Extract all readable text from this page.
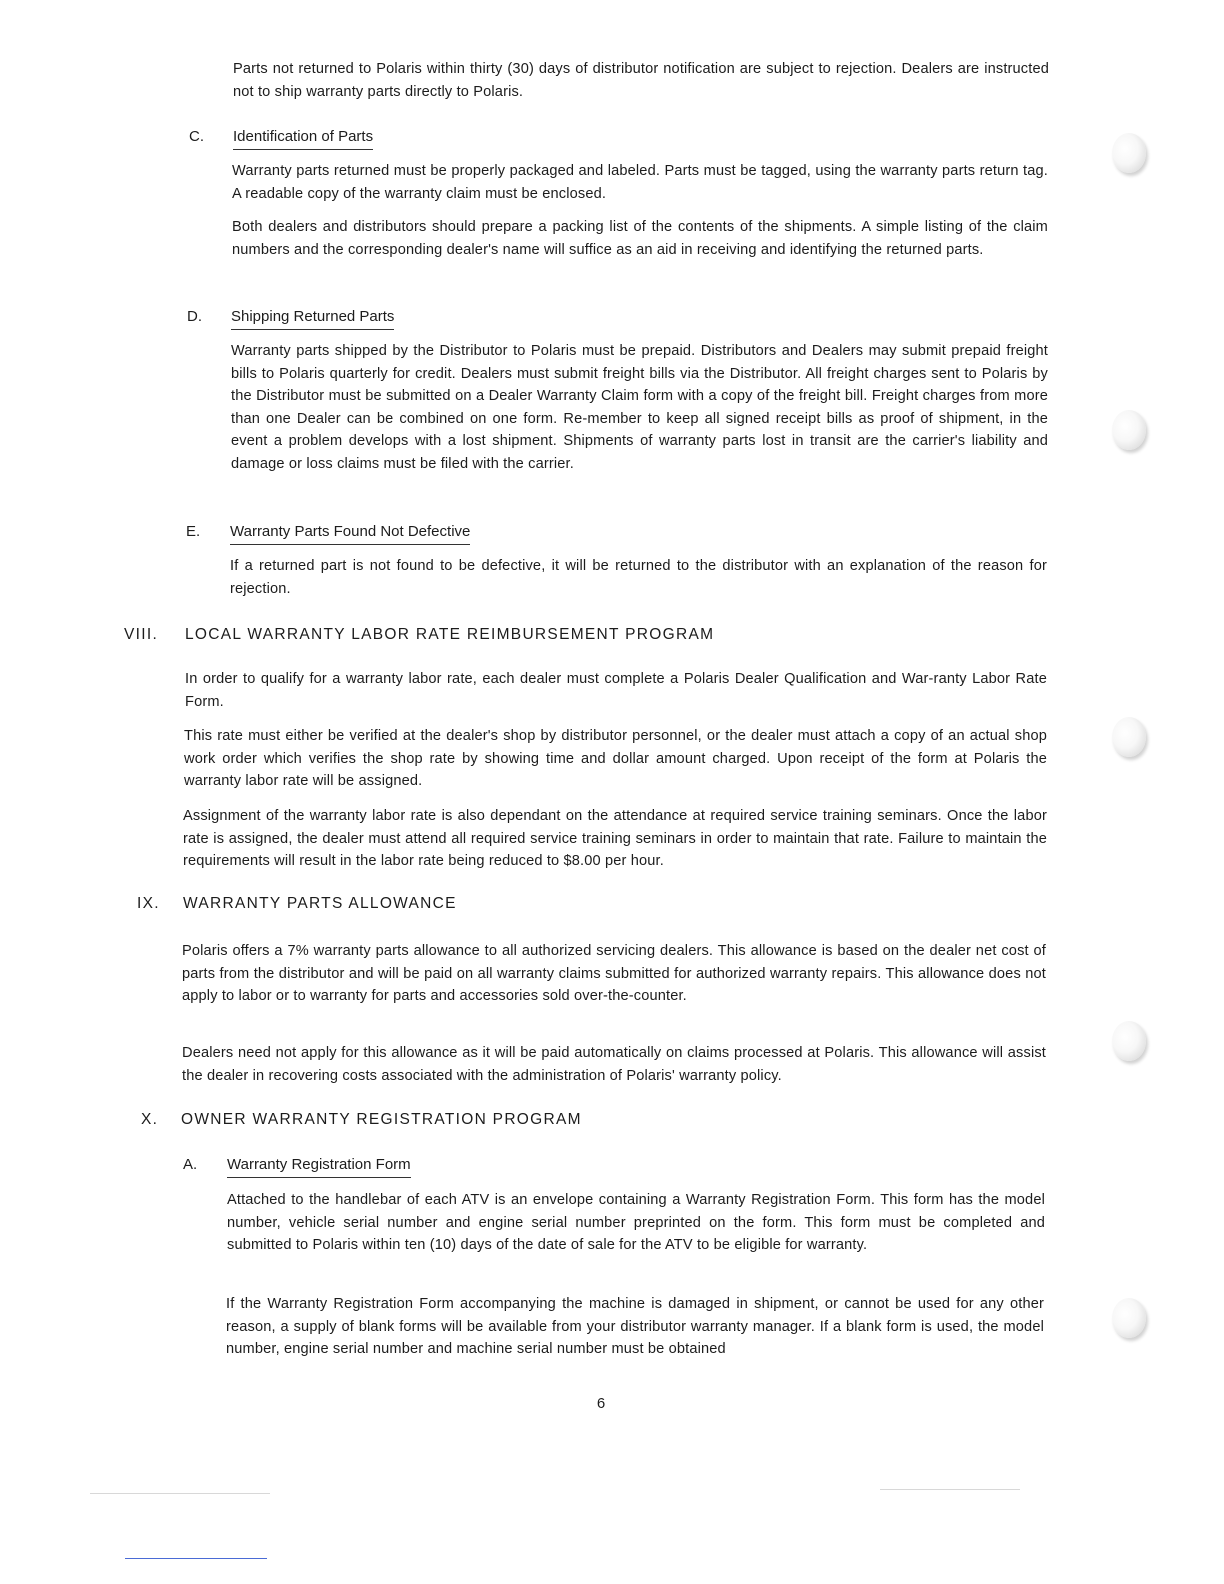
Parts not returned to Polaris within thirty (30) days of distributor notification are subject to rejection. Dealers are instructed not to ship warranty parts directly to Polaris.

C. Identification of Parts

Warranty parts returned must be properly packaged and labeled. Parts must be tagged, using the warranty parts return tag. A readable copy of the warranty claim must be enclosed.

Both dealers and distributors should prepare a packing list of the contents of the shipments. A simple listing of the claim numbers and the corresponding dealer's name will suffice as an aid in receiving and identifying the returned parts.

D. Shipping Returned Parts

Warranty parts shipped by the Distributor to Polaris must be prepaid. Distributors and Dealers may submit prepaid freight bills to Polaris quarterly for credit. Dealers must submit freight bills via the Distributor. All freight charges sent to Polaris by the Distributor must be submitted on a Dealer Warranty Claim form with a copy of the freight bill. Freight charges from more than one Dealer can be combined on one form. Re-member to keep all signed receipt bills as proof of shipment, in the event a problem develops with a lost shipment. Shipments of warranty parts lost in transit are the carrier's liability and damage or loss claims must be filed with the carrier.

E. Warranty Parts Found Not Defective

If a returned part is not found to be defective, it will be returned to the distributor with an explanation of the reason for rejection.

VIII. LOCAL WARRANTY LABOR RATE REIMBURSEMENT PROGRAM

In order to qualify for a warranty labor rate, each dealer must complete a Polaris Dealer Qualification and War-ranty Labor Rate Form.

This rate must either be verified at the dealer's shop by distributor personnel, or the dealer must attach a copy of an actual shop work order which verifies the shop rate by showing time and dollar amount charged. Upon receipt of the form at Polaris the warranty labor rate will be assigned.

Assignment of the warranty labor rate is also dependant on the attendance at required service training seminars. Once the labor rate is assigned, the dealer must attend all required service training seminars in order to maintain that rate. Failure to maintain the requirements will result in the labor rate being reduced to $8.00 per hour.

IX. WARRANTY PARTS ALLOWANCE

Polaris offers a 7% warranty parts allowance to all authorized servicing dealers. This allowance is based on the dealer net cost of parts from the distributor and will be paid on all warranty claims submitted for authorized warranty repairs. This allowance does not apply to labor or to warranty for parts and accessories sold over-the-counter.

Dealers need not apply for this allowance as it will be paid automatically on claims processed at Polaris. This allowance will assist the dealer in recovering costs associated with the administration of Polaris' warranty policy.

X. OWNER WARRANTY REGISTRATION PROGRAM
A. Warranty Registration Form

Attached to the handlebar of each ATV is an envelope containing a Warranty Registration Form. This form has the model number, vehicle serial number and engine serial number preprinted on the form. This form must be completed and submitted to Polaris within ten (10) days of the date of sale for the ATV to be eligible for warranty.

If the Warranty Registration Form accompanying the machine is damaged in shipment, or cannot be used for any other reason, a supply of blank forms will be available from your distributor warranty manager. If a blank form is used, the model number, engine serial number and machine serial number must be obtained

6
